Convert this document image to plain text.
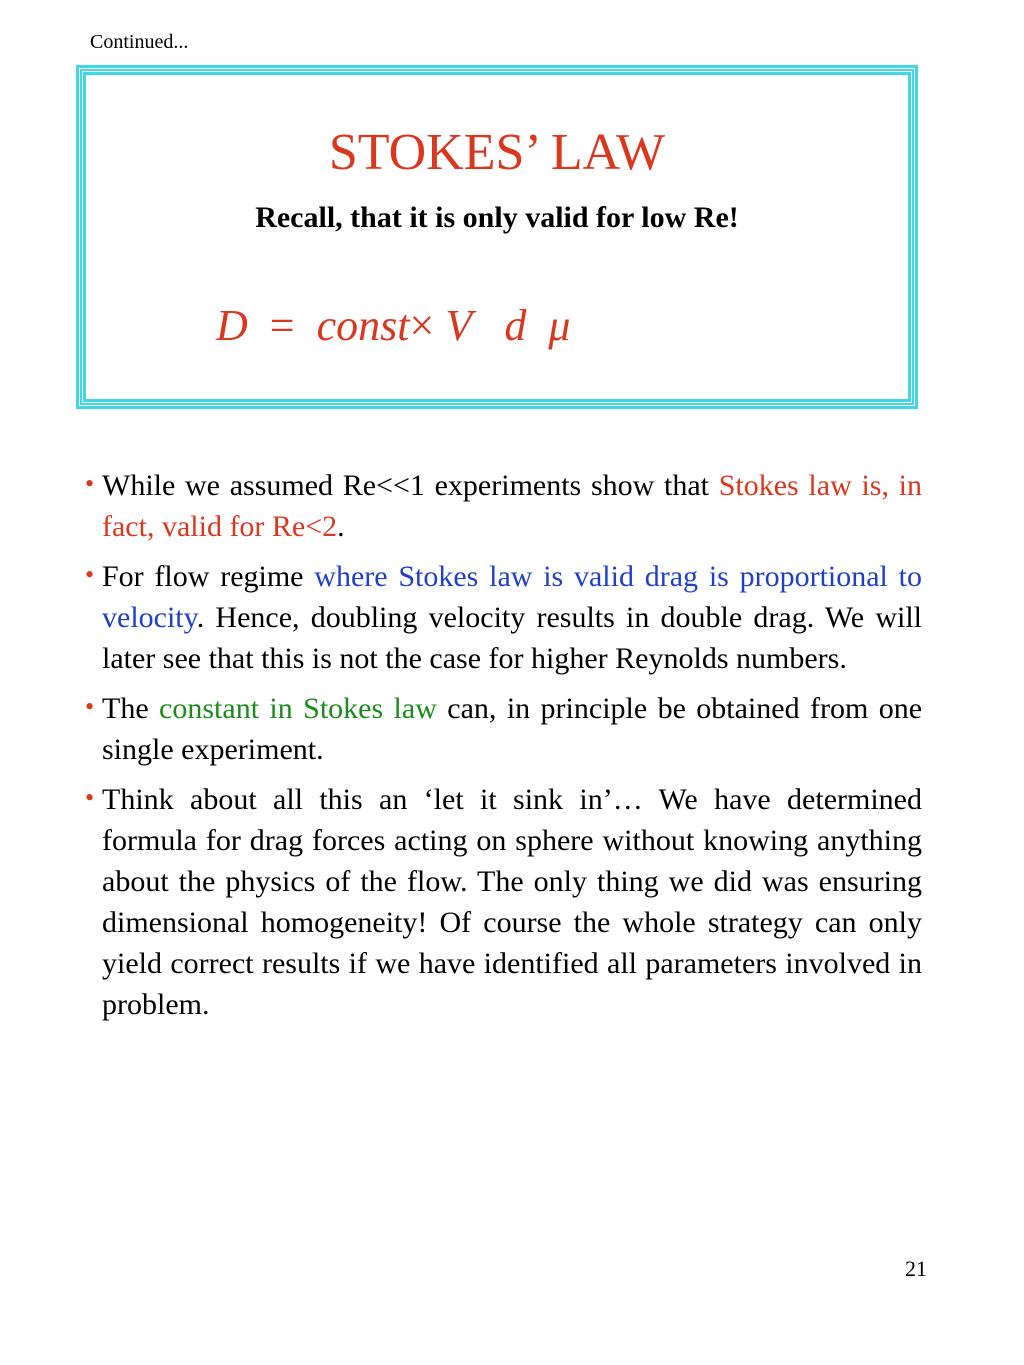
Continued...
STOKES’ LAW
Recall, that it is only valid for low Re!
D = const× V d μ
• While we assumed Re<<1 experiments show that Stokes law is, in fact, valid for Re<2.
• For flow regime where Stokes law is valid drag is proportional to velocity. Hence, doubling velocity results in double drag. We will later see that this is not the case for higher Reynolds numbers.
• The constant in Stokes law can, in principle be obtained from one single experiment.
• Think about all this an ‘let it sink in’… We have determined formula for drag forces acting on sphere without knowing anything about the physics of the flow. The only thing we did was ensuring dimensional homogeneity! Of course the whole strategy can only yield correct results if we have identified all parameters involved in problem.
21
